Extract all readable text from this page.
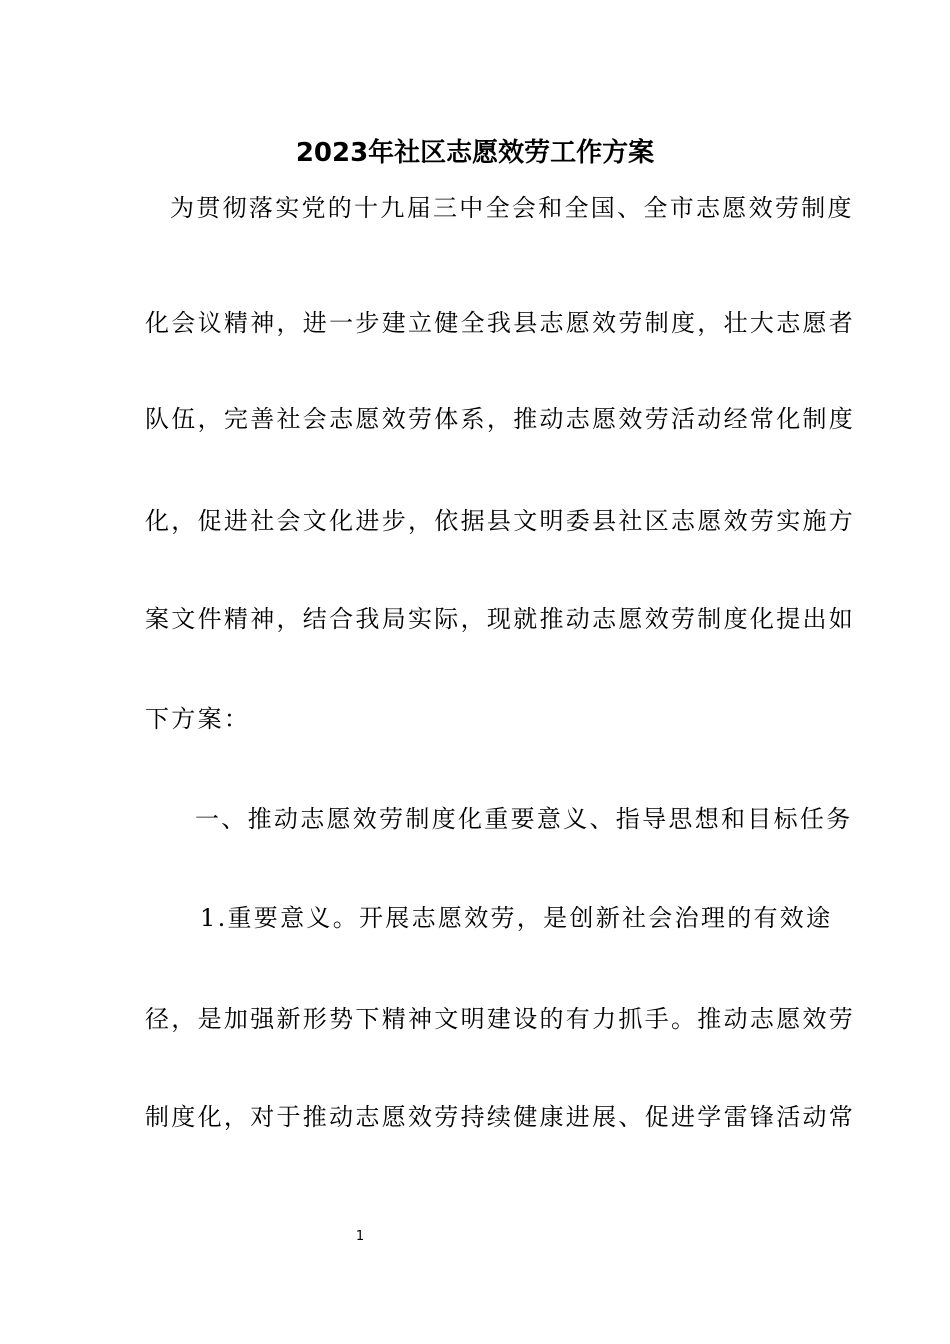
2023年社区志愿效劳工作方案
为贯彻落实党的十九届三中全会和全国、全市志愿效劳制度
化会议精神，进一步建立健全我县志愿效劳制度，壮大志愿者
队伍，完善社会志愿效劳体系，推动志愿效劳活动经常化制度
化，促进社会文化进步，依据县文明委县社区志愿效劳实施方
案文件精神，结合我局实际，现就推动志愿效劳制度化提出如
下方案：
一、推动志愿效劳制度化重要意义、指导思想和目标任务
1.重要意义。开展志愿效劳，是创新社会治理的有效途
径，是加强新形势下精神文明建设的有力抓手。推动志愿效劳
制度化，对于推动志愿效劳持续健康进展、促进学雷锋活动常
1
